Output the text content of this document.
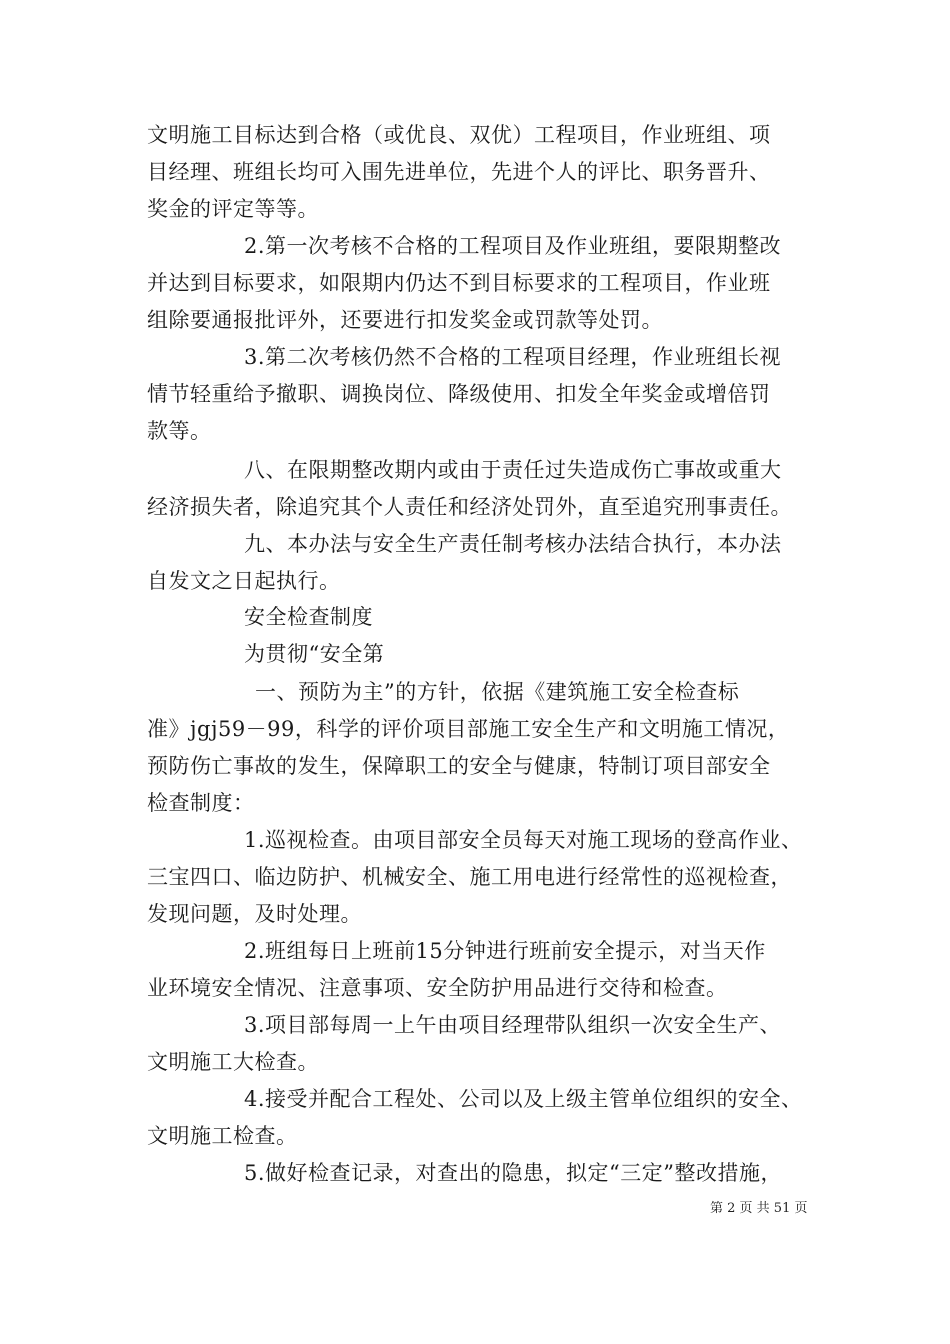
文明施工目标达到合格（或优良、双优）工程项目，作业班组、项
目经理、班组长均可入围先进单位，先进个人的评比、职务晋升、
奖金的评定等等。
2.第一次考核不合格的工程项目及作业班组，要限期整改
并达到目标要求，如限期内仍达不到目标要求的工程项目，作业班
组除要通报批评外，还要进行扣发奖金或罚款等处罚。
3.第二次考核仍然不合格的工程项目经理，作业班组长视
情节轻重给予撤职、调换岗位、降级使用、扣发全年奖金或增倍罚
款等。
八、在限期整改期内或由于责任过失造成伤亡事故或重大
经济损失者，除追究其个人责任和经济处罚外，直至追究刑事责任。
九、本办法与安全生产责任制考核办法结合执行，本办法
自发文之日起执行。
安全检查制度
为贯彻“安全第
一、预防为主”的方针，依据《建筑施工安全检查标
准》jgj59－99，科学的评价项目部施工安全生产和文明施工情况，
预防伤亡事故的发生，保障职工的安全与健康，特制订项目部安全
检查制度：
1.巡视检查。由项目部安全员每天对施工现场的登高作业、
三宝四口、临边防护、机械安全、施工用电进行经常性的巡视检查，
发现问题，及时处理。
2.班组每日上班前15分钟进行班前安全提示，对当天作
业环境安全情况、注意事项、安全防护用品进行交待和检查。
3.项目部每周一上午由项目经理带队组织一次安全生产、
文明施工大检查。
4.接受并配合工程处、公司以及上级主管单位组织的安全、
文明施工检查。
5.做好检查记录，对查出的隐患，拟定“三定”整改措施，
第 2 页 共 51 页
